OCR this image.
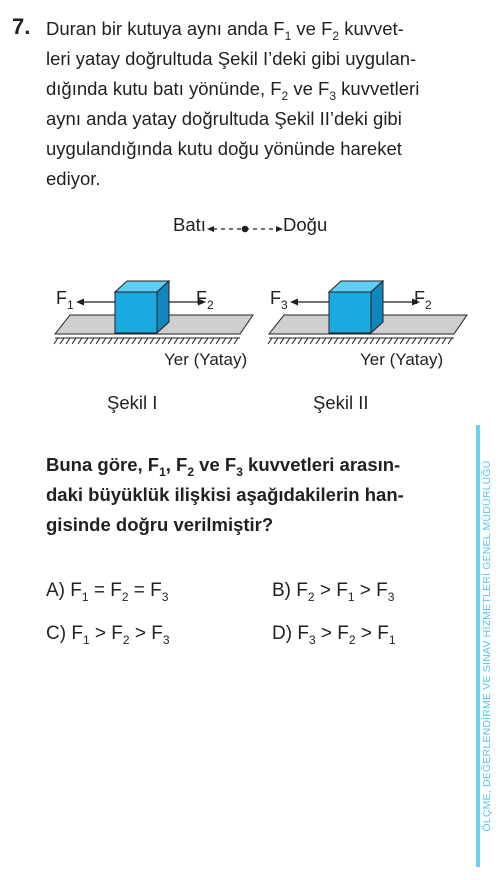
7. Duran bir kutuya aynı anda $F_1$ ve $F_2$ kuvvet-
leri yatay doğrultuda Şekil I’deki gibi uygulan-
dığında kutu batı yönünde, $F_2$ ve $F_3$ kuvvetleri
aynı anda yatay doğrultuda Şekil II’deki gibi
uygulandığında kutu doğu yönünde hareket
ediyor.
Batı	Doğu
$F_1$	$F_2$
Yer (Yatay)
Şekil I
$F_3$	$F_2$
Yer (Yatay)
Şekil II
Buna göre, $F_1$, $F_2$ ve $F_3$ kuvvetleri arasın-
daki büyüklük ilişkisi aşağıdakilerin han-
gisinde doğru verilmiştir?
A) $F_1 = F_2 = F_3$	B) $F_2 > F_1 > F_3$
C) $F_1 > F_2 > F_3$	D) $F_3 > F_2 > F_1$	ÖLÇME, DEĞERLENDİRME VE SINAV HİZMETLERİ GENEL MÜDÜRLÜĞÜ
